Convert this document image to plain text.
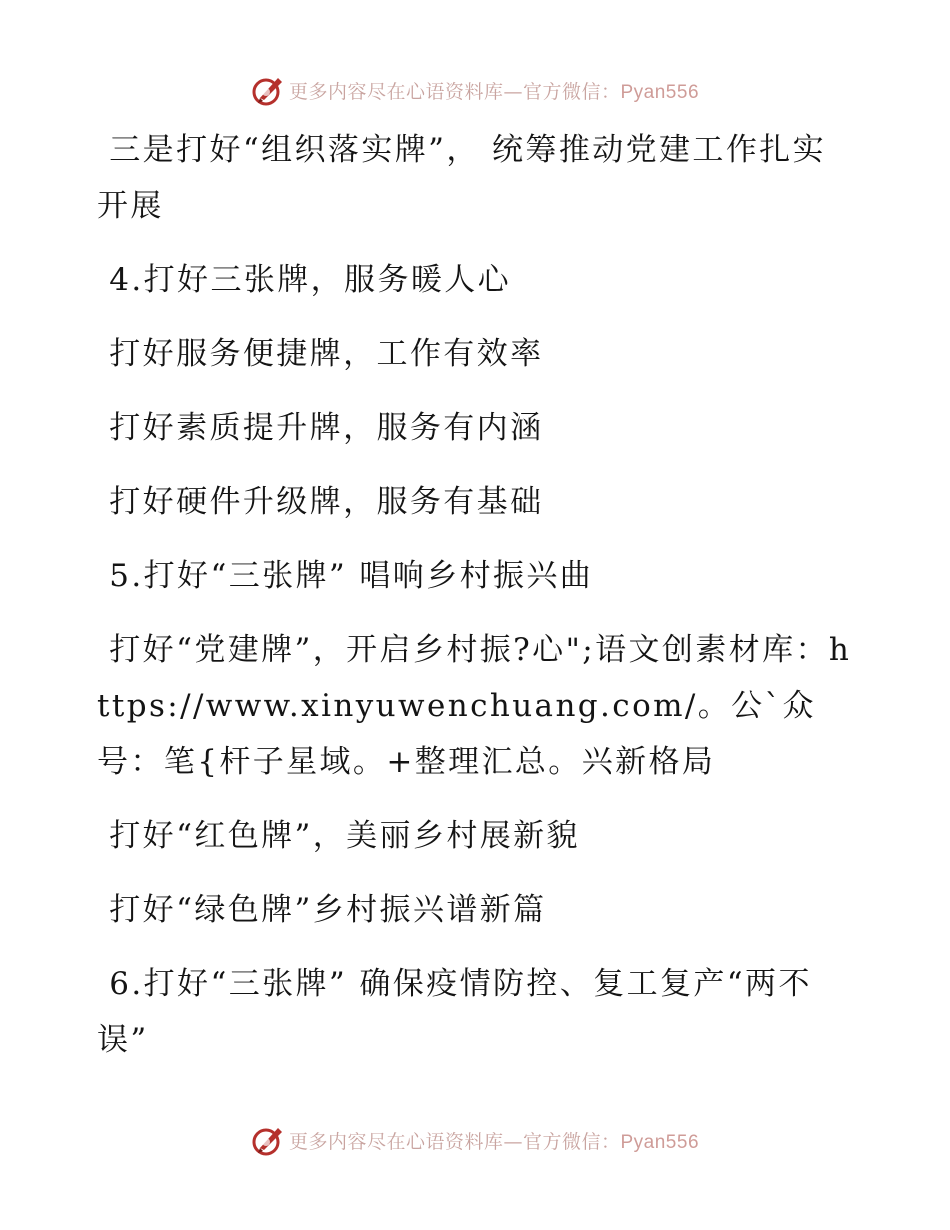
更多内容尽在心语资料库—官方微信：Pyan556

三是打好“组织落实牌”， 统筹推动党建工作扎实开展

4.打好三张牌，服务暖人心

打好服务便捷牌，工作有效率

打好素质提升牌，服务有内涵

打好硬件升级牌，服务有基础

5.打好“三张牌” 唱响乡村振兴曲

打好“党建牌”，开启乡村振?心";语文创素材库：https://www.xinyuwenchuang.com/。公`众号：笔{杆子星域。+整理汇总。兴新格局

打好“红色牌”，美丽乡村展新貌

打好“绿色牌”乡村振兴谱新篇

6.打好“三张牌” 确保疫情防控、复工复产“两不误”

更多内容尽在心语资料库—官方微信：Pyan556
